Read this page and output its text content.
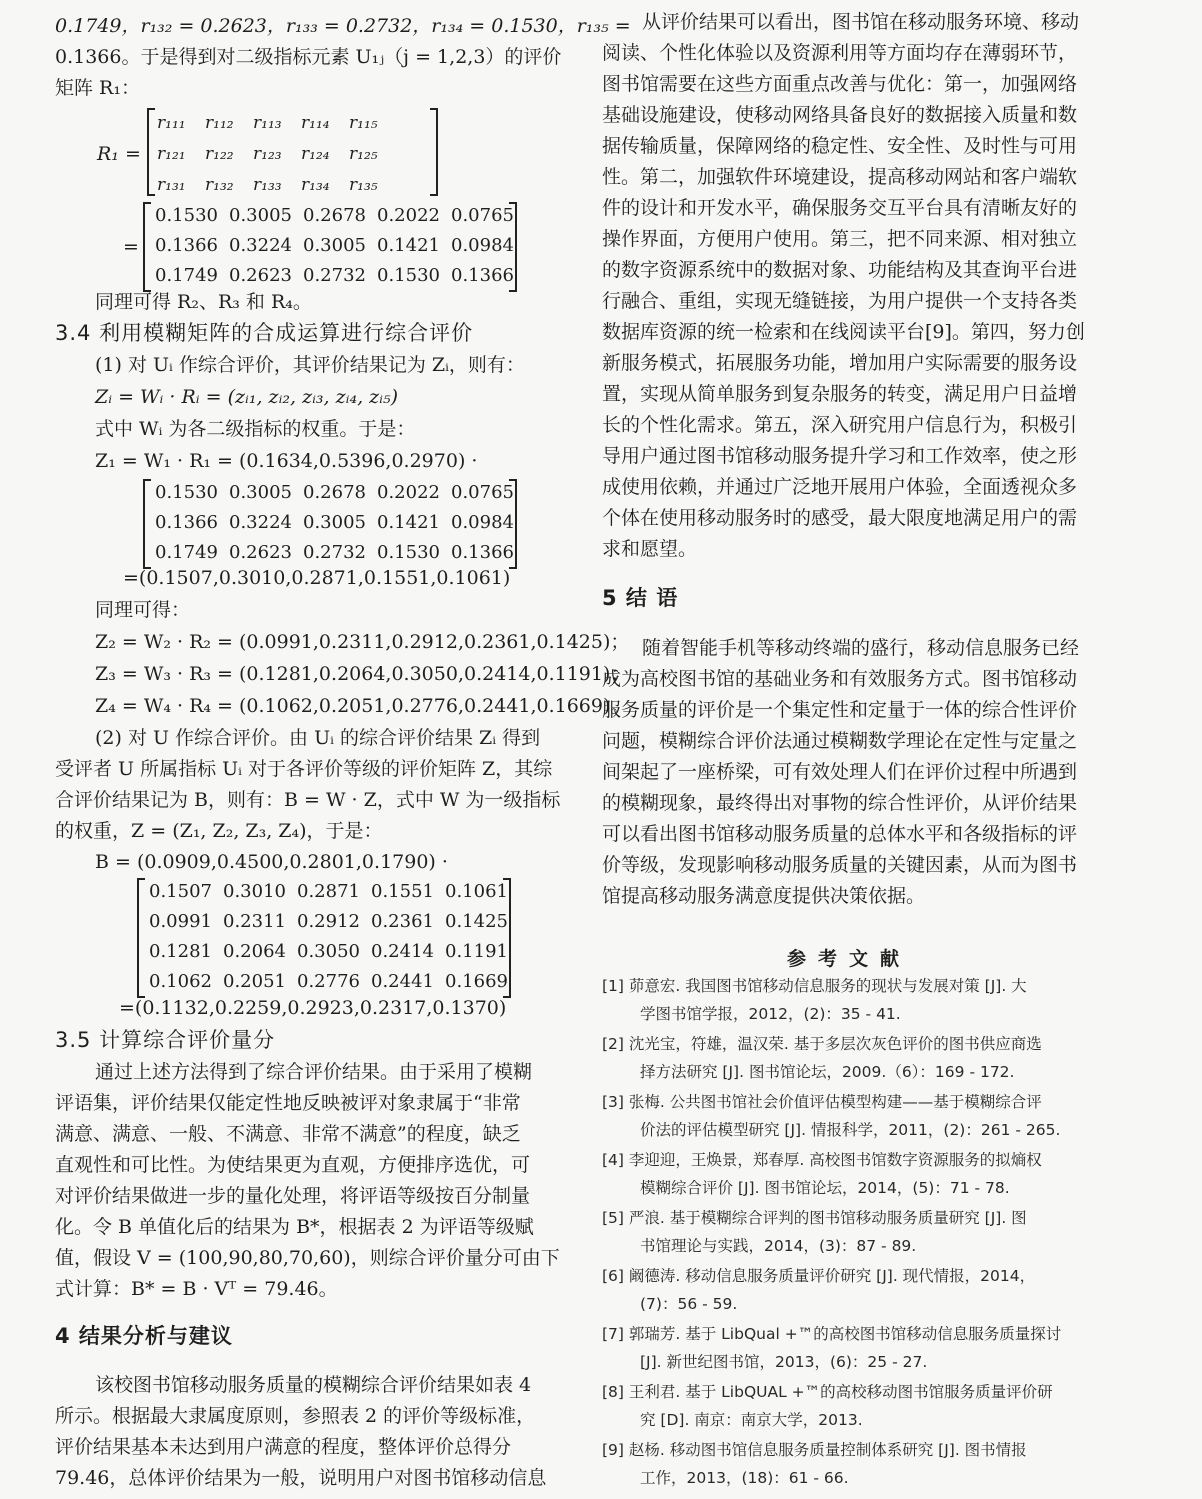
0.1749，r₁₃₂ = 0.2623，r₁₃₃ = 0.2732，r₁₃₄ = 0.1530，r₁₃₅ =
0.1366。于是得到对二级指标元素 U₁ⱼ（j = 1,2,3）的评价
矩阵 R₁：
R₁ =
r₁₁₁ r₁₁₂ r₁₁₃ r₁₁₄ r₁₁₅
r₁₂₁ r₁₂₂ r₁₂₃ r₁₂₄ r₁₂₅
r₁₃₁ r₁₃₂ r₁₃₃ r₁₃₄ r₁₃₅
=
0.1530 0.3005 0.2678 0.2022 0.0765
0.1366 0.3224 0.3005 0.1421 0.0984
0.1749 0.2623 0.2732 0.1530 0.1366
同理可得 R₂、R₃ 和 R₄。
3.4 利用模糊矩阵的合成运算进行综合评价
(1) 对 Uᵢ 作综合评价，其评价结果记为 Zᵢ，则有：
Zᵢ = Wᵢ · Rᵢ = (zᵢ₁, zᵢ₂, zᵢ₃, zᵢ₄, zᵢ₅)
式中 Wᵢ 为各二级指标的权重。于是：
Z₁ = W₁ · R₁ = (0.1634,0.5396,0.2970) ·
0.1530 0.3005 0.2678 0.2022 0.0765
0.1366 0.3224 0.3005 0.1421 0.0984
0.1749 0.2623 0.2732 0.1530 0.1366
=(0.1507,0.3010,0.2871,0.1551,0.1061)
同理可得：
Z₂ = W₂ · R₂ = (0.0991,0.2311,0.2912,0.2361,0.1425)；
Z₃ = W₃ · R₃ = (0.1281,0.2064,0.3050,0.2414,0.1191)；
Z₄ = W₄ · R₄ = (0.1062,0.2051,0.2776,0.2441,0.1669)。
(2) 对 U 作综合评价。由 Uᵢ 的综合评价结果 Zᵢ 得到
受评者 U 所属指标 Uᵢ 对于各评价等级的评价矩阵 Z，其综
合评价结果记为 B，则有：B = W · Z，式中 W 为一级指标
的权重，Z = (Z₁, Z₂, Z₃, Z₄)，于是：
B = (0.0909,0.4500,0.2801,0.1790) ·
0.1507 0.3010 0.2871 0.1551 0.1061
0.0991 0.2311 0.2912 0.2361 0.1425
0.1281 0.2064 0.3050 0.2414 0.1191
0.1062 0.2051 0.2776 0.2441 0.1669
=(0.1132,0.2259,0.2923,0.2317,0.1370)
3.5 计算综合评价量分
通过上述方法得到了综合评价结果。由于采用了模糊
评语集，评价结果仅能定性地反映被评对象隶属于“非常
满意、满意、一般、不满意、非常不满意”的程度，缺乏
直观性和可比性。为使结果更为直观，方便排序选优，可
对评价结果做进一步的量化处理，将评语等级按百分制量
化。令 B 单值化后的结果为 B*，根据表 2 为评语等级赋
值，假设 V = (100,90,80,70,60)，则综合评价量分可由下
式计算：B* = B · Vᵀ = 79.46。
4 结果分析与建议
该校图书馆移动服务质量的模糊综合评价结果如表 4
所示。根据最大隶属度原则，参照表 2 的评价等级标准，
评价结果基本未达到用户满意的程度，整体评价总得分
79.46，总体评价结果为一般，说明用户对图书馆移动信息
从评价结果可以看出，图书馆在移动服务环境、移动
阅读、个性化体验以及资源利用等方面均存在薄弱环节，
图书馆需要在这些方面重点改善与优化：第一，加强网络
基础设施建设，使移动网络具备良好的数据接入质量和数
据传输质量，保障网络的稳定性、安全性、及时性与可用
性。第二，加强软件环境建设，提高移动网站和客户端软
件的设计和开发水平，确保服务交互平台具有清晰友好的
操作界面，方便用户使用。第三，把不同来源、相对独立
的数字资源系统中的数据对象、功能结构及其查询平台进
行融合、重组，实现无缝链接，为用户提供一个支持各类
数据库资源的统一检索和在线阅读平台[9]。第四，努力创
新服务模式，拓展服务功能，增加用户实际需要的服务设
置，实现从简单服务到复杂服务的转变，满足用户日益增
长的个性化需求。第五，深入研究用户信息行为，积极引
导用户通过图书馆移动服务提升学习和工作效率，使之形
成使用依赖，并通过广泛地开展用户体验，全面透视众多
个体在使用移动服务时的感受，最大限度地满足用户的需
求和愿望。
5 结 语
随着智能手机等移动终端的盛行，移动信息服务已经
成为高校图书馆的基础业务和有效服务方式。图书馆移动
服务质量的评价是一个集定性和定量于一体的综合性评价
问题，模糊综合评价法通过模糊数学理论在定性与定量之
间架起了一座桥梁，可有效处理人们在评价过程中所遇到
的模糊现象，最终得出对事物的综合性评价，从评价结果
可以看出图书馆移动服务质量的总体水平和各级指标的评
价等级，发现影响移动服务质量的关键因素，从而为图书
馆提高移动服务满意度提供决策依据。
参考文献
[1] 茆意宏. 我国图书馆移动信息服务的现状与发展对策 [J]. 大
学图书馆学报，2012，(2)：35 - 41.
[2] 沈光宝，符雄，温汉荣. 基于多层次灰色评价的图书供应商选
择方法研究 [J]. 图书馆论坛，2009.（6）：169 - 172.
[3] 张梅. 公共图书馆社会价值评估模型构建——基于模糊综合评
价法的评估模型研究 [J]. 情报科学，2011，(2)：261 - 265.
[4] 李迎迎，王焕景，郑春厚. 高校图书馆数字资源服务的拟熵权
模糊综合评价 [J]. 图书馆论坛，2014，(5)：71 - 78.
[5] 严浪. 基于模糊综合评判的图书馆移动服务质量研究 [J]. 图
书馆理论与实践，2014，(3)：87 - 89.
[6] 阚德涛. 移动信息服务质量评价研究 [J]. 现代情报，2014，
(7)：56 - 59.
[7] 郭瑞芳. 基于 LibQual +™的高校图书馆移动信息服务质量探讨
[J]. 新世纪图书馆，2013，(6)：25 - 27.
[8] 王利君. 基于 LibQUAL +™的高校移动图书馆服务质量评价研
究 [D]. 南京：南京大学，2013.
[9] 赵杨. 移动图书馆信息服务质量控制体系研究 [J]. 图书情报
工作，2013，(18)：61 - 66.
